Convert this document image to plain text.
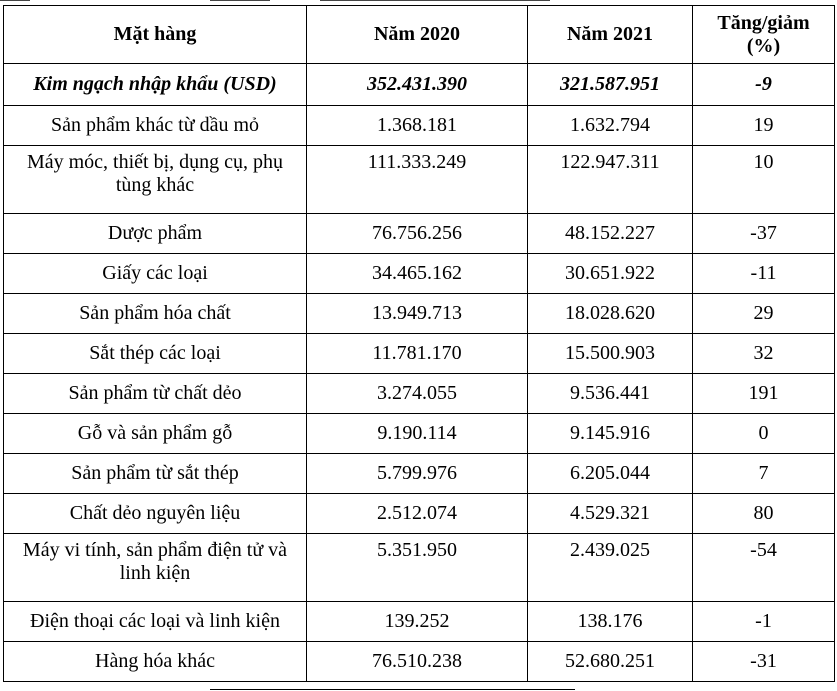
Mặt hàng	Năm 2020	Năm 2021	Tăng/giảm (%)
Kim ngạch nhập khẩu (USD)	352.431.390	321.587.951	-9
Sản phẩm khác từ dầu mỏ	1.368.181	1.632.794	19
Máy móc, thiết bị, dụng cụ, phụ tùng khác	111.333.249	122.947.311	10
Dược phẩm	76.756.256	48.152.227	-37
Giấy các loại	34.465.162	30.651.922	-11
Sản phẩm hóa chất	13.949.713	18.028.620	29
Sắt thép các loại	11.781.170	15.500.903	32
Sản phẩm từ chất dẻo	3.274.055	9.536.441	191
Gỗ và sản phẩm gỗ	9.190.114	9.145.916	0
Sản phẩm từ sắt thép	5.799.976	6.205.044	7
Chất dẻo nguyên liệu	2.512.074	4.529.321	80
Máy vi tính, sản phẩm điện tử và linh kiện	5.351.950	2.439.025	-54
Điện thoại các loại và linh kiện	139.252	138.176	-1
Hàng hóa khác	76.510.238	52.680.251	-31
